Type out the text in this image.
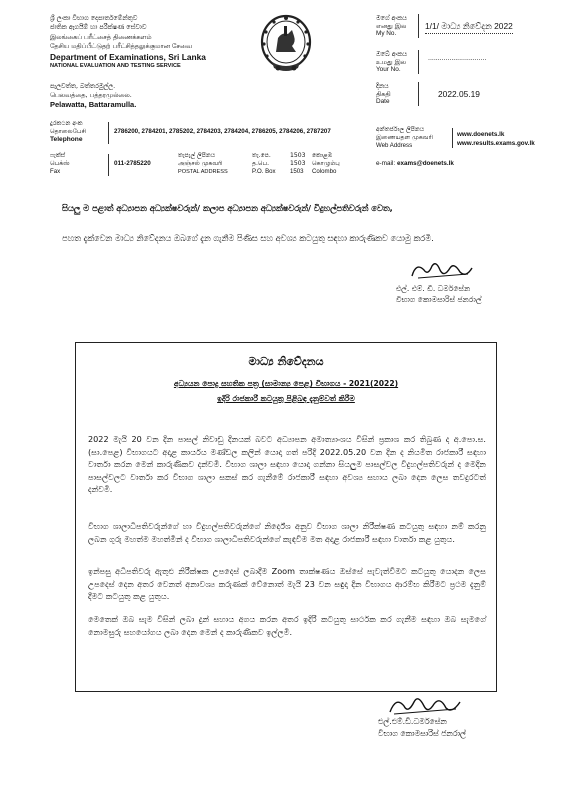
ශ්‍රී ලංකා විභාග දෙපාර්තමේන්තුව
ජාතික ඇගයීම් හා පරීක්ෂණ සේවාව
இலங்கைப் பரீட்சைத் திணைக்களம்
தேசிய மதிப்பீட்டுதற் பரீட்சித்தலுக்குமான சேவை
Department of Examinations, Sri Lanka
NATIONAL EVALUATION AND TESTING SERVICE
පැලවත්ත, බත්තරමුල්ල.
பெலவத்தை, பத்தரமுல்லை.
Pelawatta, Battaramulla.
මගේ අංකය
எனது இல
My No.
1/1/ මාධ්‍ය නිවේදන 2022
ඔබේ අංකය
உமது இல
Your No.
..............................
දිනය
திகதி
Date
2022.05.19
දුරකථන අංක
தொலைபேசி
Telephone
2786200, 2784201, 2785202, 2784203, 2784204, 2786205, 2784206, 2787207
ෆැක්ස්
பெக்ஸ்
Fax
011-2785220
තැපැල් ලිපිනය
அஞ்சல் முகவரி
POSTAL ADDRESS
තැ.පෙ.
த.பெ.
P.O. Box
1503
1503
1503
කොළඹ
கொழும்பு
Colombo
අන්තර්ජාල ලිපිනය
இணையதள முகவரி
Web Address
www.doenets.lk
www.results.exams.gov.lk
e-mail: exams@doenets.lk
සියලු ම පළාත් අධ්‍යාපන අධ්‍යක්ෂවරුන්/ කලාප අධ්‍යාපන අධ්‍යක්ෂවරුන්/ විදුහල්පතිවරුන් වෙත,
පහත දැක්වෙන මාධ්‍ය නිවේදනය ඔබගේ දැන ගැනීම පිණිස සහ අවශ්‍ය කටයුතු සඳහා කාරුණිකව යොමු කරමි.
එල්. එම්. ඩී. ධර්මසේන
විභාග කොමසාරිස් ජනරාල්
මාධ්‍ය නිවේදනය
අධ්‍යයන පොදු සහතික පත්‍ර (සාමාන්‍ය පෙළ) විභාගය - 2021(2022)
ඉදිරි රාජකාරී කටයුතු පිළිබඳ දැනුම්වත් කිරීම

2022 මැයි 20 වන දින පාසල් නිවාඩු දිනයක් බවට අධ්‍යාපන අමාත්‍යාංශය විසින් ප්‍රකාශ කර තිබුණ ද අ.පො.ස. (සා.පෙළ) විභාගයට අදාළ කාර්යය මණ්ඩල කලින් යොදා ගත් පරිදි 2022.05.20 වන දින ද නියමිත රාජකාරී සඳහා වාර්තා කරන මෙන් කාරුණිකව දන්වමි. විභාග ශාලා සඳහා යොදා ගන්නා සියලුම පාසල්වල විදුහල්පතිවරුන් ද මෙදින පාසල්වලට වාර්තා කර විභාග ශාලා සකස් කර ගැනීමේ රාජකාරී සඳහා අවශ්‍ය සහාය ලබා දෙන ලෙස තවදුරටත් දන්වමි.

විභාග ශාලාධිපතිවරුන්ගේ හා විදුහල්පතිවරුන්ගේ නිර්දේශ අනුව විභාග ශාලා නිරීක්ෂණ කටයුතු සඳහා නම් කරනු ලබන ගුරු මහත්ම මහත්මීන් ද විභාග ශාලාධිපතිවරුන්ගේ කැඳවීම මත අදාළ රාජකාරී සඳහා වාර්තා කළ යුතුය.

ඉන්පසු අධිපතිවරු ඇතුළු නිරීක්ෂක උපදෙස් ලබාදීම Zoom තාක්ෂණය ඔස්සේ පැවැත්වීමට කටයුතු යොදන ලෙස උපදෙස් දෙන අතර වෙනත් අනාවශ්‍ය කරුණක් වේනොත් මැයි 23 වන සඳුදා දින විභාගය ආරම්භ කිරීමට ප්‍රථම දැනුම් දීමට කටයුතු කළ යුතුය.

මෙතෙක් ඔබ සැම විසින් ලබා දුන් සහාය අගය කරන අතර ඉදිරි කටයුතු සාර්ථක කර ගැනීම සඳහා ඔබ සැමගේ නොමසුරු සහයෝගය ලබා දෙන මෙන් ද කාරුණිකව ඉල්ලමි.

එල්.එම්.ඩී.ධර්මසේන
විභාග කොමසාරිස් ජනරාල්
